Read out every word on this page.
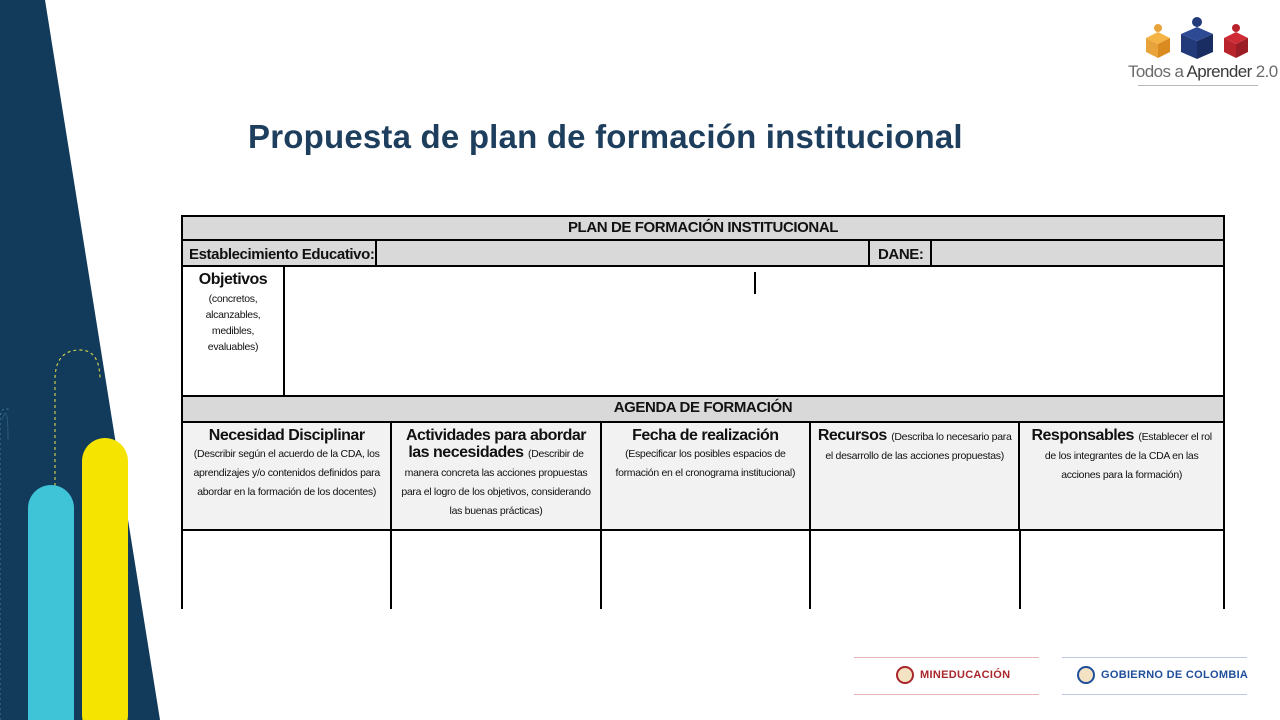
Todos a Aprender 2.0
Propuesta de plan de formación institucional
PLAN DE FORMACIÓN INSTITUCIONAL
Establecimiento Educativo:	DANE:
Objetivos
(concretos, alcanzables, medibles, evaluables)
AGENDA DE FORMACIÓN
Necesidad Disciplinar (Describir según el acuerdo de la CDA, los aprendizajes y/o contenidos definidos para abordar en la formación de los docentes)
Actividades para abordar las necesidades (Describir de manera concreta las acciones propuestas para el logro de los objetivos, considerando las buenas prácticas)
Fecha de realización (Especificar los posibles espacios de formación en el cronograma institucional)
Recursos (Describa lo necesario para el desarrollo de las acciones propuestas)
Responsables (Establecer el rol de los integrantes de la CDA en las acciones para la formación)
MINEDUCACIÓN	GOBIERNO DE COLOMBIA
